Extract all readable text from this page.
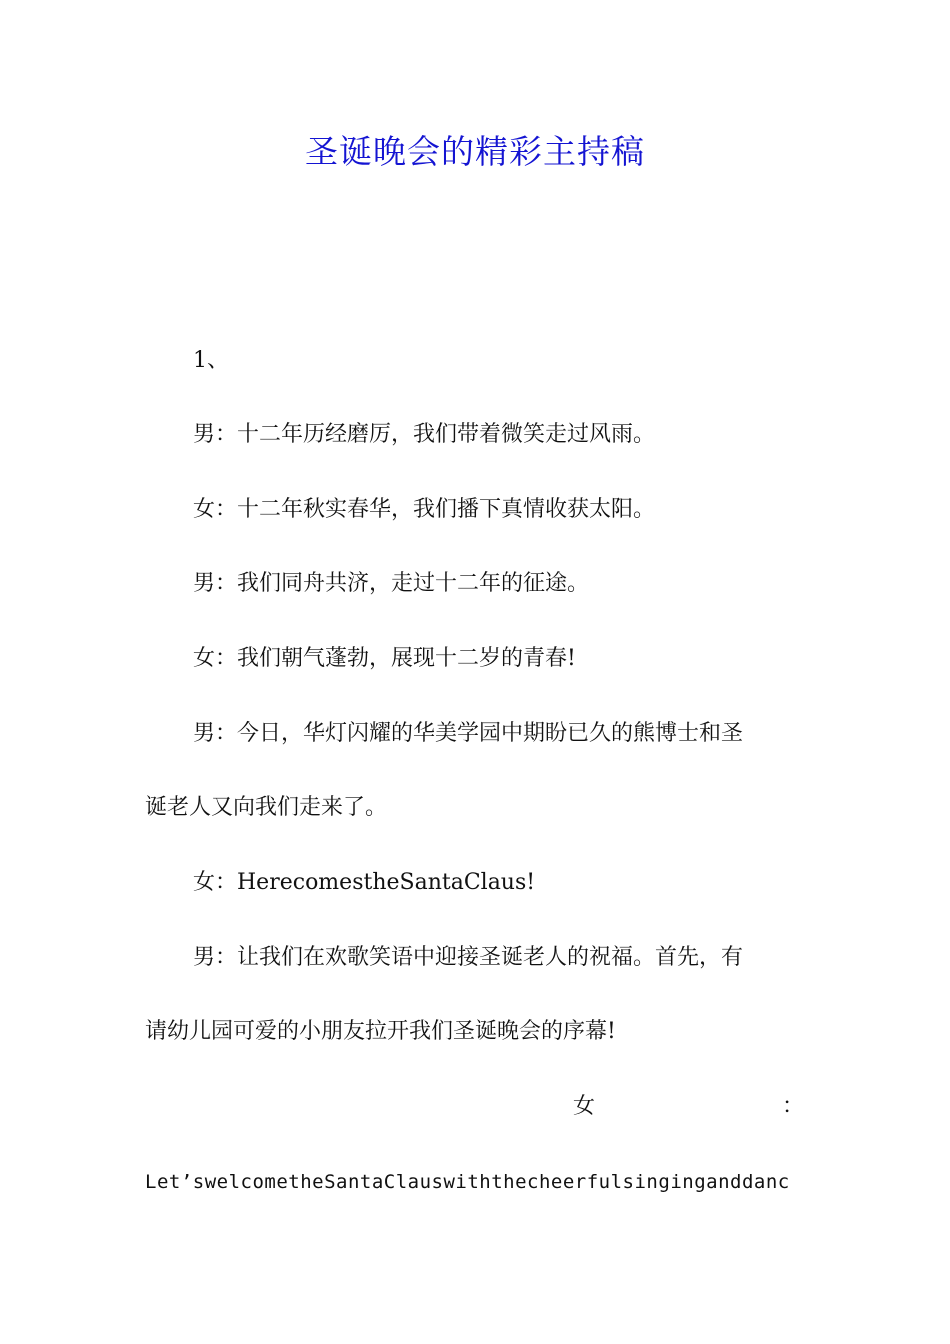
圣诞晚会的精彩主持稿
1、
男：十二年历经磨厉，我们带着微笑走过风雨。
女：十二年秋实春华，我们播下真情收获太阳。
男：我们同舟共济，走过十二年的征途。
女：我们朝气蓬勃，展现十二岁的青春!
男：今日，华灯闪耀的华美学园中期盼已久的熊博士和圣
诞老人又向我们走来了。
女：HerecomestheSantaClaus!
男：让我们在欢歌笑语中迎接圣诞老人的祝福。首先，有
请幼儿园可爱的小朋友拉开我们圣诞晚会的序幕!
女	：
Let’swelcometheSantaClauswiththecheerfulsinginganddanc
